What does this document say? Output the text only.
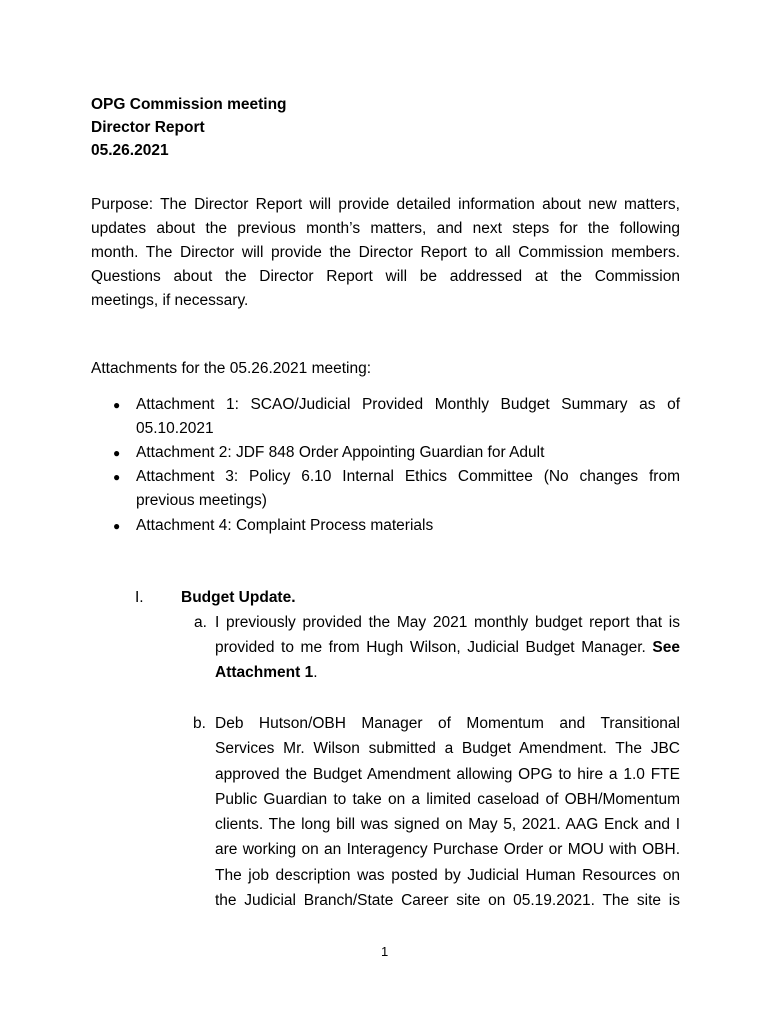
OPG Commission meeting
Director Report
05.26.2021
Purpose: The Director Report will provide detailed information about new matters,
updates about the previous month’s matters, and next steps for the following
month. The Director will provide the Director Report to all Commission members.
Questions about the Director Report will be addressed at the Commission
meetings, if necessary.
Attachments for the 05.26.2021 meeting:
● Attachment 1: SCAO/Judicial Provided Monthly Budget Summary as of
05.10.2021
● Attachment 2: JDF 848 Order Appointing Guardian for Adult
● Attachment 3: Policy 6.10 Internal Ethics Committee (No changes from
previous meetings)
● Attachment 4: Complaint Process materials
I. Budget Update.
a. I previously provided the May 2021 monthly budget report that is
provided to me from Hugh Wilson, Judicial Budget Manager. See
Attachment 1.
b. Deb Hutson/OBH Manager of Momentum and Transitional
Services Mr. Wilson submitted a Budget Amendment. The JBC
approved the Budget Amendment allowing OPG to hire a 1.0 FTE
Public Guardian to take on a limited caseload of OBH/Momentum
clients. The long bill was signed on May 5, 2021. AAG Enck and I
are working on an Interagency Purchase Order or MOU with OBH.
The job description was posted by Judicial Human Resources on
the Judicial Branch/State Career site on 05.19.2021. The site is
1
